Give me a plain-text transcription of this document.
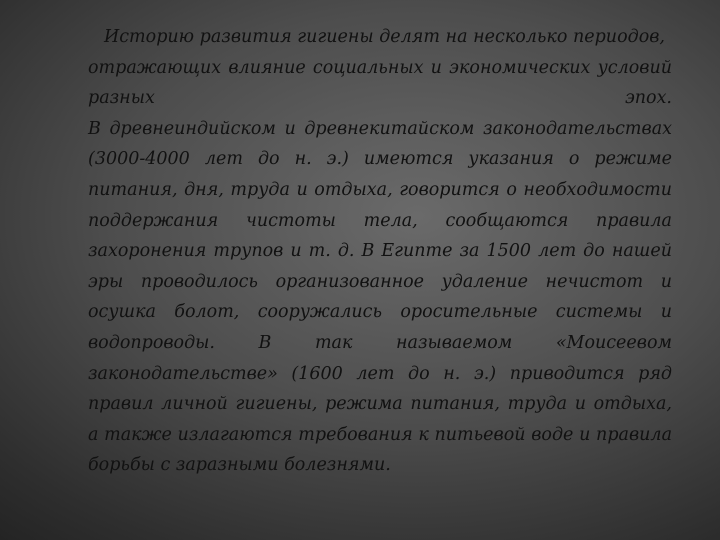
Историю развития гигиены делят на несколько периодов,
отражающих влияние социальных и экономических условий
разных эпох.
В древнеиндийском и древнекитайском законодательствах
(3000-4000 лет до н. э.) имеются указания о режиме
питания, дня, труда и отдыха, говорится о необходимости
поддержания чистоты тела, сообщаются правила
захоронения трупов и т. д. В Египте за 1500 лет до нашей
эры проводилось организованное удаление нечистот и
осушка болот, сооружались оросительные системы и
водопроводы. В так называемом «Моисеевом
законодательстве» (1600 лет до н. э.) приводится ряд
правил личной гигиены, режима питания, труда и отдыха,
а также излагаются требования к питьевой воде и правила
борьбы с заразными болезнями.
